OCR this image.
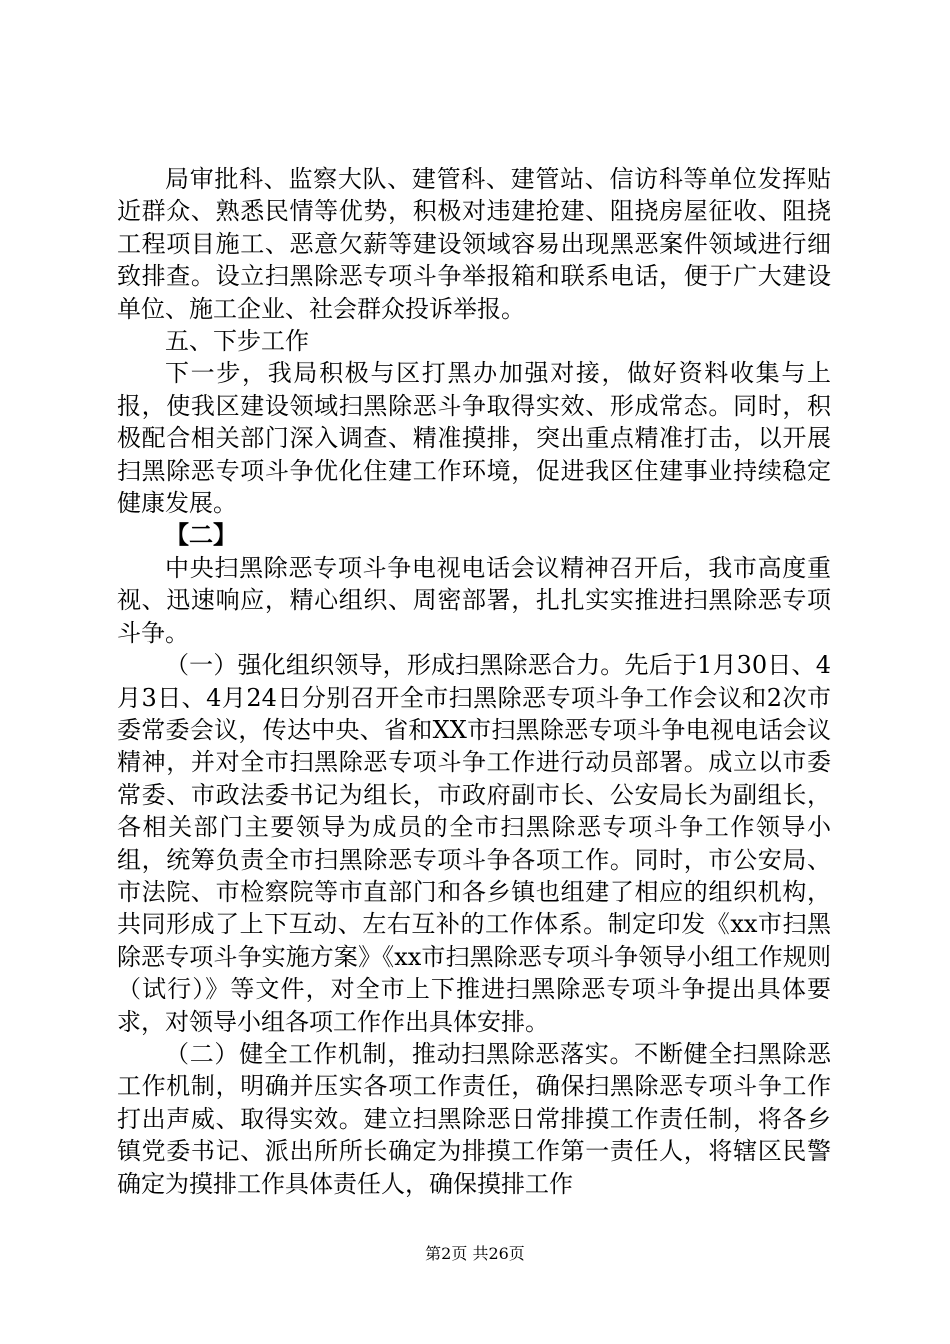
局审批科、监察大队、建管科、建管站、信访科等单位发挥贴近群众、熟悉民情等优势，积极对违建抢建、阻挠房屋征收、阻挠工程项目施工、恶意欠薪等建设领域容易出现黑恶案件领域进行细致排查。设立扫黑除恶专项斗争举报箱和联系电话，便于广大建设单位、施工企业、社会群众投诉举报。

五、下步工作

下一步，我局积极与区打黑办加强对接，做好资料收集与上报，使我区建设领域扫黑除恶斗争取得实效、形成常态。同时，积极配合相关部门深入调查、精准摸排，突出重点精准打击，以开展扫黑除恶专项斗争优化住建工作环境，促进我区住建事业持续稳定健康发展。

【二】

中央扫黑除恶专项斗争电视电话会议精神召开后，我市高度重视、迅速响应，精心组织、周密部署，扎扎实实推进扫黑除恶专项斗争。

（一）强化组织领导，形成扫黑除恶合力。先后于1月30日、4月3日、4月24日分别召开全市扫黑除恶专项斗争工作会议和2次市委常委会议，传达中央、省和XX市扫黑除恶专项斗争电视电话会议精神，并对全市扫黑除恶专项斗争工作进行动员部署。成立以市委常委、市政法委书记为组长，市政府副市长、公安局长为副组长，各相关部门主要领导为成员的全市扫黑除恶专项斗争工作领导小组，统筹负责全市扫黑除恶专项斗争各项工作。同时，市公安局、市法院、市检察院等市直部门和各乡镇也组建了相应的组织机构，共同形成了上下互动、左右互补的工作体系。制定印发《xx市扫黑除恶专项斗争实施方案》《xx市扫黑除恶专项斗争领导小组工作规则（试行）》等文件，对全市上下推进扫黑除恶专项斗争提出具体要求，对领导小组各项工作作出具体安排。

（二）健全工作机制，推动扫黑除恶落实。不断健全扫黑除恶工作机制，明确并压实各项工作责任，确保扫黑除恶专项斗争工作打出声威、取得实效。建立扫黑除恶日常排摸工作责任制，将各乡镇党委书记、派出所所长确定为排摸工作第一责任人，将辖区民警确定为摸排工作具体责任人，确保摸排工作

第2页 共26页
